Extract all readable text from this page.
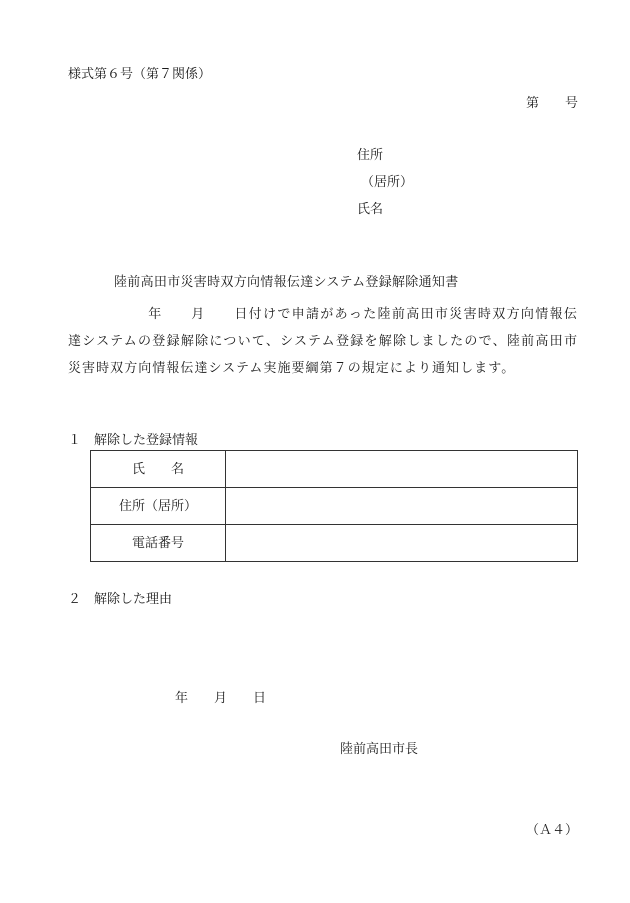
様式第６号（第７関係）
第　　号
住所
（居所）
氏名
陸前高田市災害時双方向情報伝達システム登録解除通知書
年　　月　　日付けで申請があった陸前高田市災害時双方向情報伝達システムの登録解除について、システム登録を解除しましたので、陸前高田市災害時双方向情報伝達システム実施要綱第７の規定により通知します。
１　解除した登録情報
氏　　名	
住所（居所）	
電話番号	
２　解除した理由
年　　月　　日
陸前高田市長
（Ａ４）
